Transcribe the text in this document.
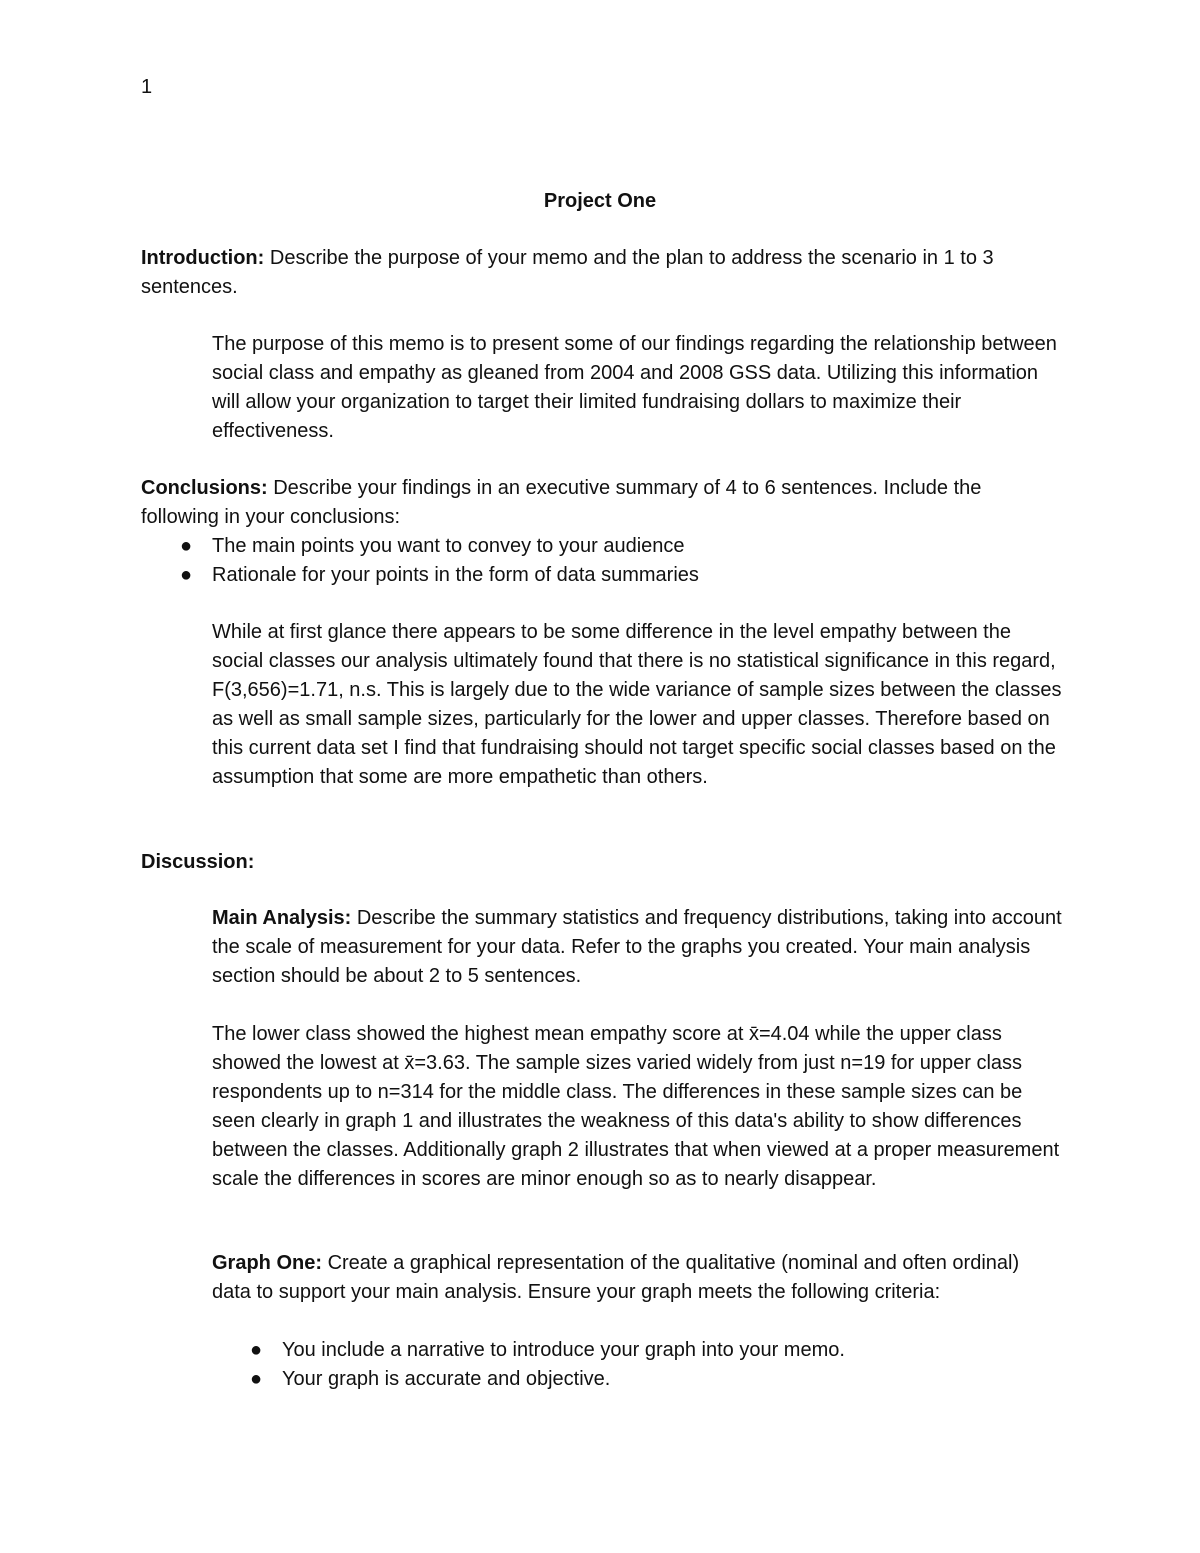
1
Project One

Introduction: Describe the purpose of your memo and the plan to address the scenario in 1 to 3 sentences.

The purpose of this memo is to present some of our findings regarding the relationship between social class and empathy as gleaned from 2004 and 2008 GSS data. Utilizing this information will allow your organization to target their limited fundraising dollars to maximize their effectiveness.

Conclusions: Describe your findings in an executive summary of 4 to 6 sentences. Include the following in your conclusions:

● The main points you want to convey to your audience
● Rationale for your points in the form of data summaries

While at first glance there appears to be some difference in the level empathy between the social classes our analysis ultimately found that there is no statistical significance in this regard, F(3,656)=1.71, n.s. This is largely due to the wide variance of sample sizes between the classes as well as small sample sizes, particularly for the lower and upper classes. Therefore based on this current data set I find that fundraising should not target specific social classes based on the assumption that some are more empathetic than others.

Discussion:

Main Analysis: Describe the summary statistics and frequency distributions, taking into account the scale of measurement for your data. Refer to the graphs you created. Your main analysis section should be about 2 to 5 sentences.

The lower class showed the highest mean empathy score at x̄=4.04 while the upper class showed the lowest at x̄=3.63. The sample sizes varied widely from just n=19 for upper class respondents up to n=314 for the middle class. The differences in these sample sizes can be seen clearly in graph 1 and illustrates the weakness of this data's ability to show differences between the classes. Additionally graph 2 illustrates that when viewed at a proper measurement scale the differences in scores are minor enough so as to nearly disappear.

Graph One: Create a graphical representation of the qualitative (nominal and often ordinal) data to support your main analysis. Ensure your graph meets the following criteria:

● You include a narrative to introduce your graph into your memo.
● Your graph is accurate and objective.
